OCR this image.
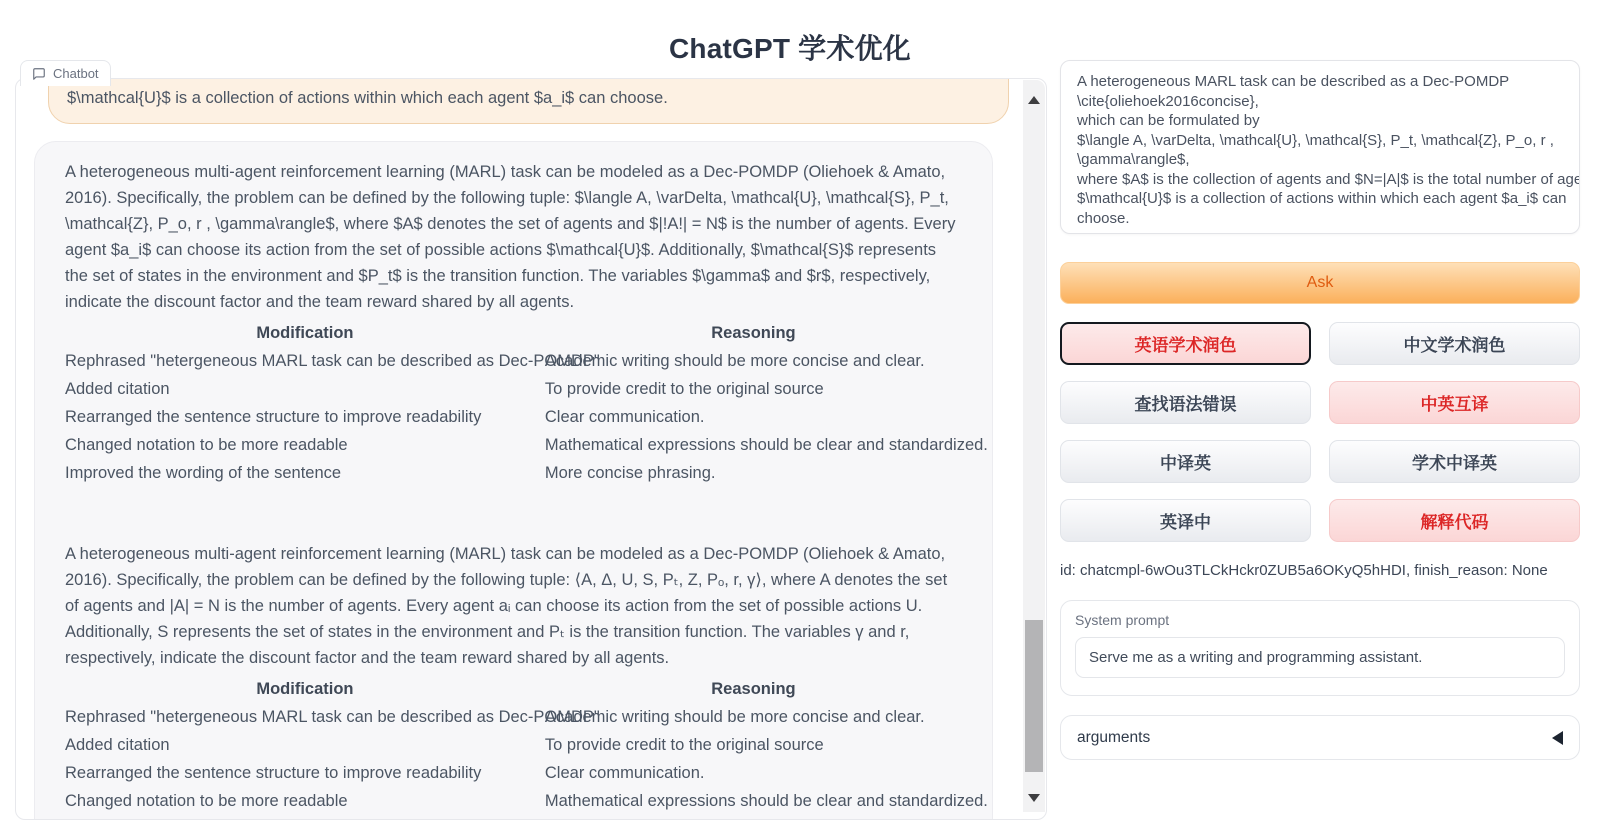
ChatGPT 学术优化
Chatbot
$\mathcal{U}$ is a collection of actions within which each agent $a_i$ can choose.

A heterogeneous multi-agent reinforcement learning (MARL) task can be modeled as a Dec-POMDP (Oliehoek & Amato, 2016). Specifically, the problem can be defined by the following tuple: $\langle A, \varDelta, \mathcal{U}, \mathcal{S}, P_t, \mathcal{Z}, P_o, r , \gamma\rangle$, where $A$ denotes the set of agents and $|!A!| = N$ is the number of agents. Every agent $a_i$ can choose its action from the set of possible actions $\mathcal{U}$. Additionally, $\mathcal{S}$ represents the set of states in the environment and $P_t$ is the transition function. The variables $\gamma$ and $r$, respectively, indicate the discount factor and the team reward shared by all agents.

Modification	Reasoning
Rephrased "hetergeneous MARL task can be described as Dec-POMDP"	Academic writing should be more concise and clear.
Added citation	To provide credit to the original source
Rearranged the sentence structure to improve readability	Clear communication.
Changed notation to be more readable	Mathematical expressions should be clear and standardized.
Improved the wording of the sentence	More concise phrasing.

A heterogeneous multi-agent reinforcement learning (MARL) task can be modeled as a Dec-POMDP (Oliehoek & Amato, 2016). Specifically, the problem can be defined by the following tuple: ⟨A, Δ, U, S, Pₜ, Z, Pₒ, r, γ⟩, where A denotes the set of agents and |A| = N is the number of agents. Every agent aᵢ can choose its action from the set of possible actions U. Additionally, S represents the set of states in the environment and Pₜ is the transition function. The variables γ and r, respectively, indicate the discount factor and the team reward shared by all agents.

Modification	Reasoning
Rephrased "hetergeneous MARL task can be described as Dec-POMDP"	Academic writing should be more concise and clear.
Added citation	To provide credit to the original source
Rearranged the sentence structure to improve readability	Clear communication.
Changed notation to be more readable	Mathematical expressions should be clear and standardized.
A heterogeneous MARL task can be described as a Dec-POMDP \cite{oliehoek2016concise}, which can be formulated by $\langle A, \varDelta, \mathcal{U}, \mathcal{S}, P_t, \mathcal{Z}, P_o, r , \gamma\rangle$, where $A$ is the collection of agents and $N=|A|$ is the total number of agents. $\mathcal{U}$ is a collection of actions within which each agent $a_i$ can choose.
Ask
英语学术润色	中文学术润色
查找语法错误	中英互译
中译英	学术中译英
英译中	解释代码
id: chatcmpl-6wOu3TLCkHckr0ZUB5a6OKyQ5hHDI, finish_reason: None
System prompt
Serve me as a writing and programming assistant.
arguments
